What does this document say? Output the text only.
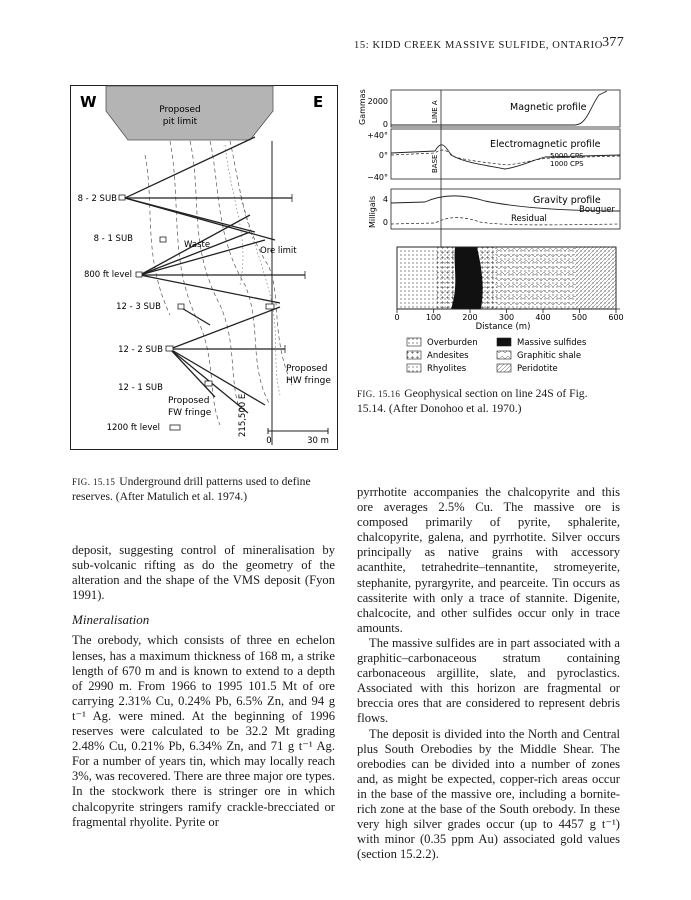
15: KIDD CREEK MASSIVE SULFIDE, ONTARIO 377
W	E
Proposed
pit limit
215,500 E
8 - 2 SUB
8 - 1 SUB
800 ft level
12 - 3 SUB
12 - 2 SUB
12 - 1 SUB
1200 ft level
Waste
Ore limit
Proposed
HW fringe
Proposed
FW fringe
0	30 m
FIG. 15.15 Underground drill patterns used to define reserves. (After Matulich et al. 1974.)
Gammas 2000
0
Magnetic profile
+40°
0°
−40°
Electromagnetic profile
5000 CPS
1000 CPS
Milligals 4
0
Gravity profile
Bouguer
Residual
LINE A
BASE
0	100	200	300	400	500	600
Distance (m)
Overburden	Massive sulfides
Andesites	Graphitic shale
Rhyolites	Peridotite
FIG. 15.16 Geophysical section on line 24S of Fig. 15.14. (After Donohoo et al. 1970.)

deposit, suggesting control of mineralisation by sub-volcanic rifting as do the geometry of the alteration and the shape of the VMS deposit (Fyon 1991).

Mineralisation

The orebody, which consists of three en echelon lenses, has a maximum thickness of 168 m, a strike length of 670 m and is known to extend to a depth of 2990 m. From 1966 to 1995 101.5 Mt of ore carrying 2.31% Cu, 0.24% Pb, 6.5% Zn, and 94 g t⁻¹ Ag. were mined. At the beginning of 1996 reserves were calculated to be 32.2 Mt grading 2.48% Cu, 0.21% Pb, 6.34% Zn, and 71 g t⁻¹ Ag. For a number of years tin, which may locally reach 3%, was recovered. There are three major ore types. In the stockwork there is stringer ore in which chalcopyrite stringers ramify crackle-brecciated or fragmental rhyolite. Pyrite or

pyrrhotite accompanies the chalcopyrite and this ore averages 2.5% Cu. The massive ore is composed primarily of pyrite, sphalerite, chalcopyrite, galena, and pyrrhotite. Silver occurs principally as native grains with accessory acanthite, tetrahedrite–tennantite, stromeyerite, stephanite, pyrargyrite, and pearceite. Tin occurs as cassiterite with only a trace of stannite. Digenite, chalcocite, and other sulfides occur only in trace amounts.

The massive sulfides are in part associated with a graphitic–carbonaceous stratum containing carbonaceous argillite, slate, and pyroclastics. Associated with this horizon are fragmental or breccia ores that are considered to represent debris flows.

The deposit is divided into the North and Central plus South Orebodies by the Middle Shear. The orebodies can be divided into a number of zones and, as might be expected, copper-rich areas occur in the base of the massive ore, including a bornite-rich zone at the base of the South orebody. In these very high silver grades occur (up to 4457 g t⁻¹) with minor (0.35 ppm Au) associated gold values (section 15.2.2).
